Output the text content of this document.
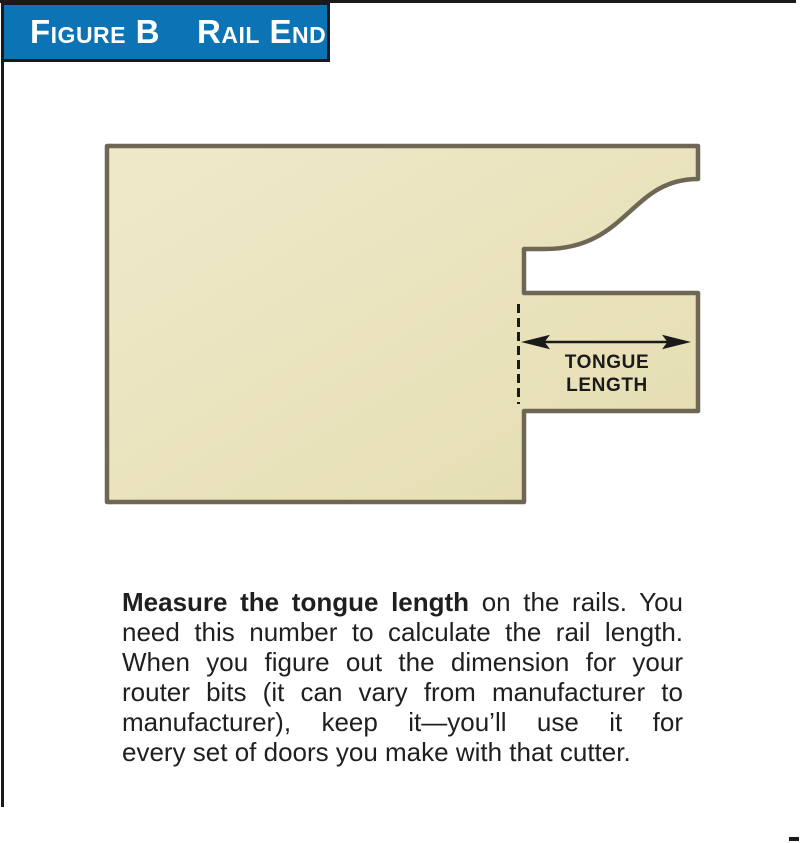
Figure B Rail End
TONGUE
LENGTH
Measure the tongue length on the rails. You
need this number to calculate the rail length.
When you figure out the dimension for your
router bits (it can vary from manufacturer to
manufacturer), keep it—you’ll use it for
every set of doors you make with that cutter.
